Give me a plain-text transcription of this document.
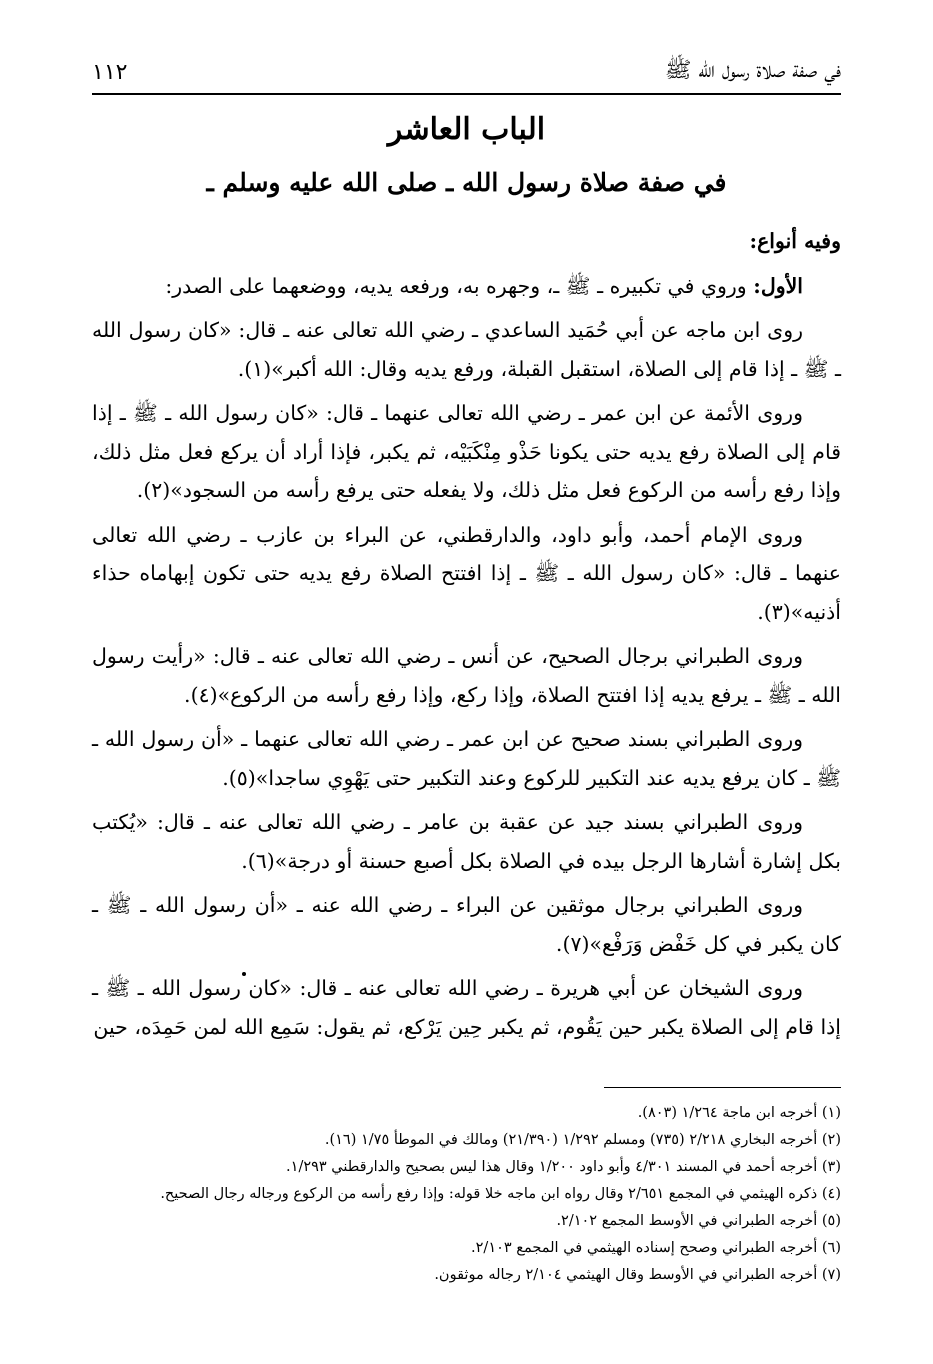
في صفة صلاة رسول الله ﷺ
١١٢
الباب العاشر
في صفة صلاة رسول الله ـ صلى الله عليه وسلم ـ

وفيه أنواع:

الأول: وروي في تكبيره ـ ﷺ ـ، وجهره به، ورفعه يديه، ووضعهما على الصدر:

روى ابن ماجه عن أبي حُمَيد الساعدي ـ رضي الله تعالى عنه ـ قال: «كان رسول الله ـ ﷺ ـ إذا قام إلى الصلاة، استقبل القبلة، ورفع يديه وقال: الله أكبر»(١).

وروى الأئمة عن ابن عمر ـ رضي الله تعالى عنهما ـ قال: «كان رسول الله ـ ﷺ ـ إذا قام إلى الصلاة رفع يديه حتى يكونا حَذْو مِنْكَبَيْه، ثم يكبر، فإذا أراد أن يركع فعل مثل ذلك، وإذا رفع رأسه من الركوع فعل مثل ذلك، ولا يفعله حتى يرفع رأسه من السجود»(٢).

وروى الإمام أحمد، وأبو داود، والدارقطني، عن البراء بن عازب ـ رضي الله تعالى عنهما ـ قال: «كان رسول الله ـ ﷺ ـ إذا افتتح الصلاة رفع يديه حتى تكون إبهاماه حذاء أذنيه»(٣).

وروى الطبراني برجال الصحيح، عن أنس ـ رضي الله تعالى عنه ـ قال: «رأيت رسول الله ـ ﷺ ـ يرفع يديه إذا افتتح الصلاة، وإذا ركع، وإذا رفع رأسه من الركوع»(٤).

وروى الطبراني بسند صحيح عن ابن عمر ـ رضي الله تعالى عنهما ـ «أن رسول الله ـ ﷺ ـ كان يرفع يديه عند التكبير للركوع وعند التكبير حتى يَهْوِي ساجدا»(٥).

وروى الطبراني بسند جيد عن عقبة بن عامر ـ رضي الله تعالى عنه ـ قال: «يُكتب بكل إشارة أشارها الرجل بيده في الصلاة بكل أصبع حسنة أو درجة»(٦).

وروى الطبراني برجال موثقين عن البراء ـ رضي الله عنه ـ «أن رسول الله ـ ﷺ ـ كان يكبر في كل خَفْض وَرَفْع»(٧).

وروى الشيخان عن أبي هريرة ـ رضي الله تعالى عنه ـ قال: «كان رسول الله ـ ﷺ ـ إذا قام إلى الصلاة يكبر حين يَقُوم، ثم يكبر حِين يَرْكع، ثم يقول: سَمِع الله لمن حَمِدَه، حين

(١) أخرجه ابن ماجة ١/٢٦٤ (٨٠٣).
(٢) أخرجه البخاري ٢/٢١٨ (٧٣٥) ومسلم ١/٢٩٢ (٢١/٣٩٠) ومالك في الموطأ ١/٧٥ (١٦).
(٣) أخرجه أحمد في المسند ٤/٣٠١ وأبو داود ١/٢٠٠ وقال هذا ليس بصحيح والدارقطني ١/٢٩٣.
(٤) ذكره الهيثمي في المجمع ٢/٦٥١ وقال رواه ابن ماجه خلا قوله: وإذا رفع رأسه من الركوع ورجاله رجال الصحيح.
(٥) أخرجه الطبراني في الأوسط المجمع ٢/١٠٢.
(٦) أخرجه الطبراني وصحح إسناده الهيثمي في المجمع ٢/١٠٣.
(٧) أخرجه الطبراني في الأوسط وقال الهيثمي ٢/١٠٤ رجاله موثقون.
